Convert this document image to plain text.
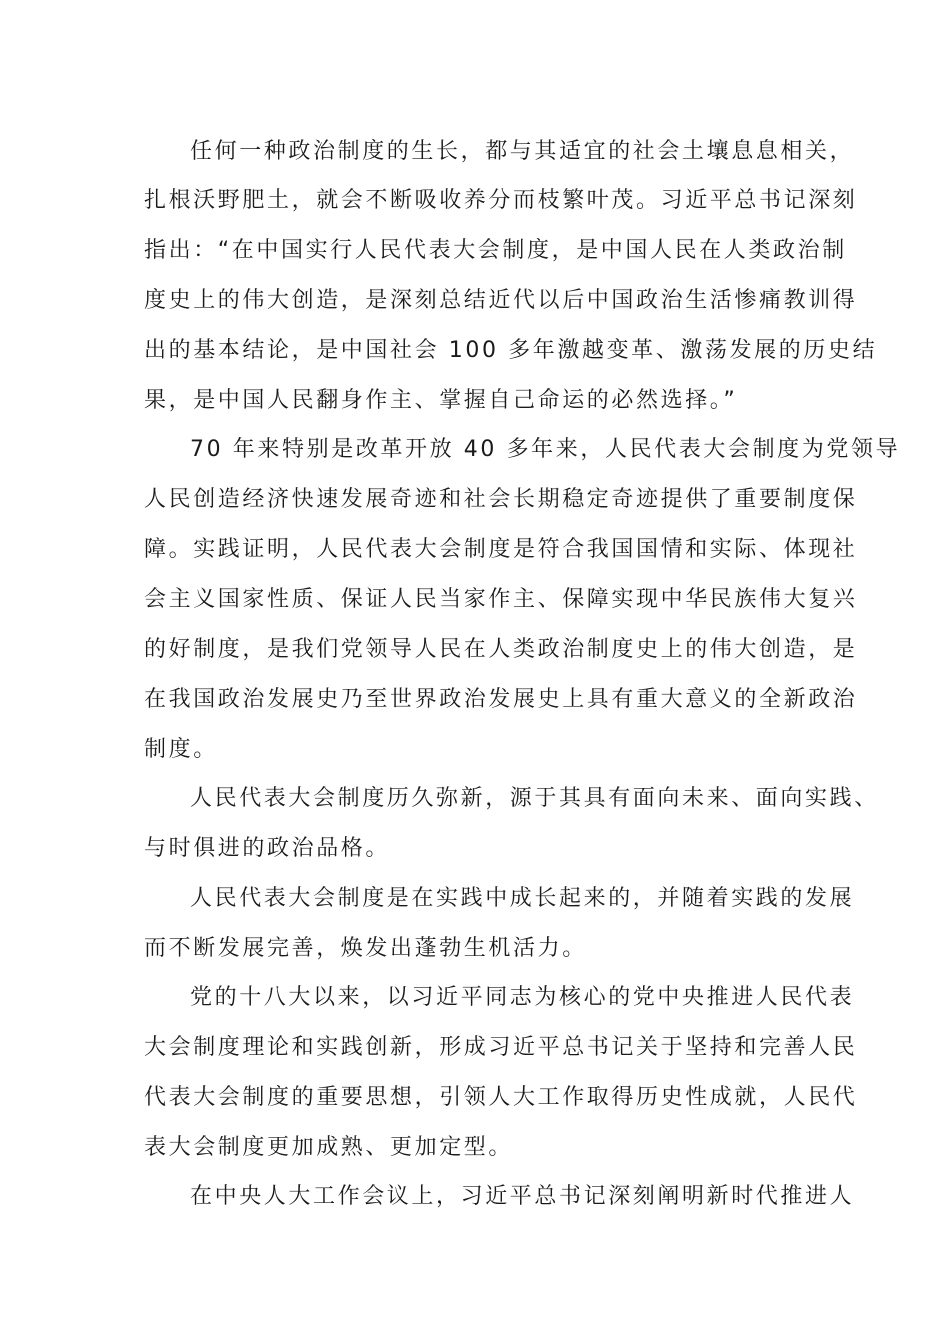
任何一种政治制度的生长，都与其适宜的社会土壤息息相关，
扎根沃野肥土，就会不断吸收养分而枝繁叶茂。习近平总书记深刻
指出：“在中国实行人民代表大会制度，是中国人民在人类政治制
度史上的伟大创造，是深刻总结近代以后中国政治生活惨痛教训得
出的基本结论，是中国社会 100 多年激越变革、激荡发展的历史结
果，是中国人民翻身作主、掌握自己命运的必然选择。”
70 年来特别是改革开放 40 多年来，人民代表大会制度为党领导
人民创造经济快速发展奇迹和社会长期稳定奇迹提供了重要制度保
障。实践证明，人民代表大会制度是符合我国国情和实际、体现社
会主义国家性质、保证人民当家作主、保障实现中华民族伟大复兴
的好制度，是我们党领导人民在人类政治制度史上的伟大创造，是
在我国政治发展史乃至世界政治发展史上具有重大意义的全新政治
制度。
人民代表大会制度历久弥新，源于其具有面向未来、面向实践、
与时俱进的政治品格。
人民代表大会制度是在实践中成长起来的，并随着实践的发展
而不断发展完善，焕发出蓬勃生机活力。
党的十八大以来，以习近平同志为核心的党中央推进人民代表
大会制度理论和实践创新，形成习近平总书记关于坚持和完善人民
代表大会制度的重要思想，引领人大工作取得历史性成就，人民代
表大会制度更加成熟、更加定型。
在中央人大工作会议上，习近平总书记深刻阐明新时代推进人
